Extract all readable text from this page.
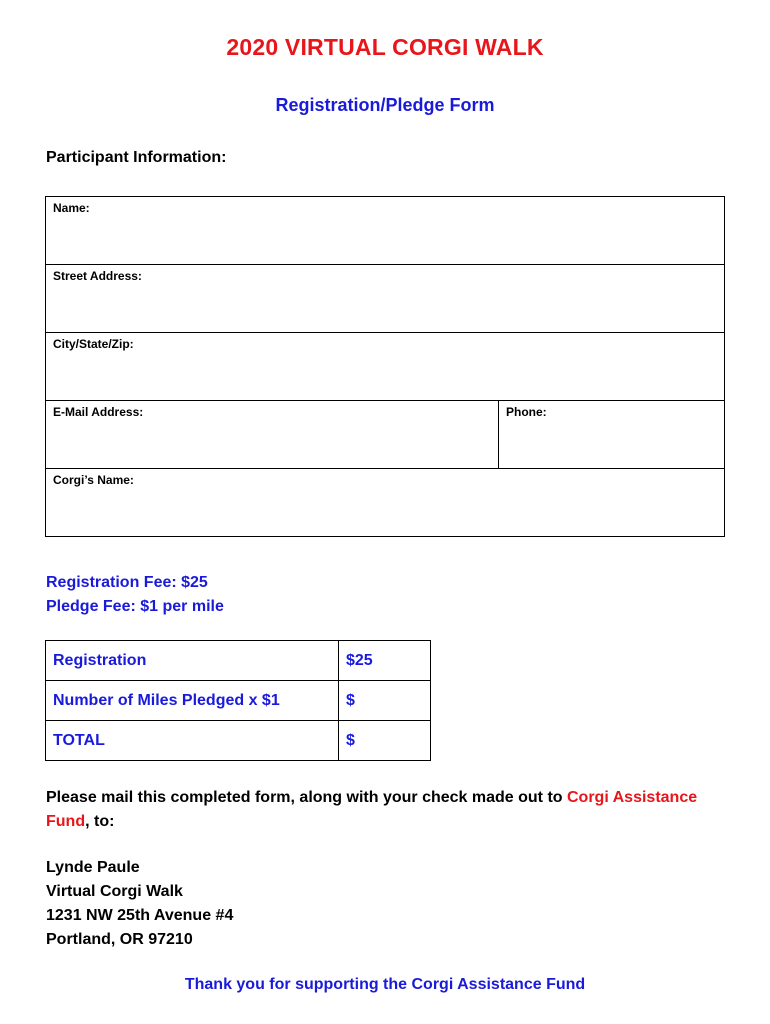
2020 VIRTUAL CORGI WALK
Registration/Pledge Form
Participant Information:
Name:
Street Address:
City/State/Zip:
E-Mail Address:	Phone:
Corgi’s Name:
Registration Fee: $25
Pledge Fee: $1 per mile
Registration	$25
Number of Miles Pledged x $1	$
TOTAL	$
Please mail this completed form, along with your check made out to Corgi Assistance Fund, to:
Lynde Paule
Virtual Corgi Walk
1231 NW 25th Avenue #4
Portland, OR 97210
Thank you for supporting the Corgi Assistance Fund
